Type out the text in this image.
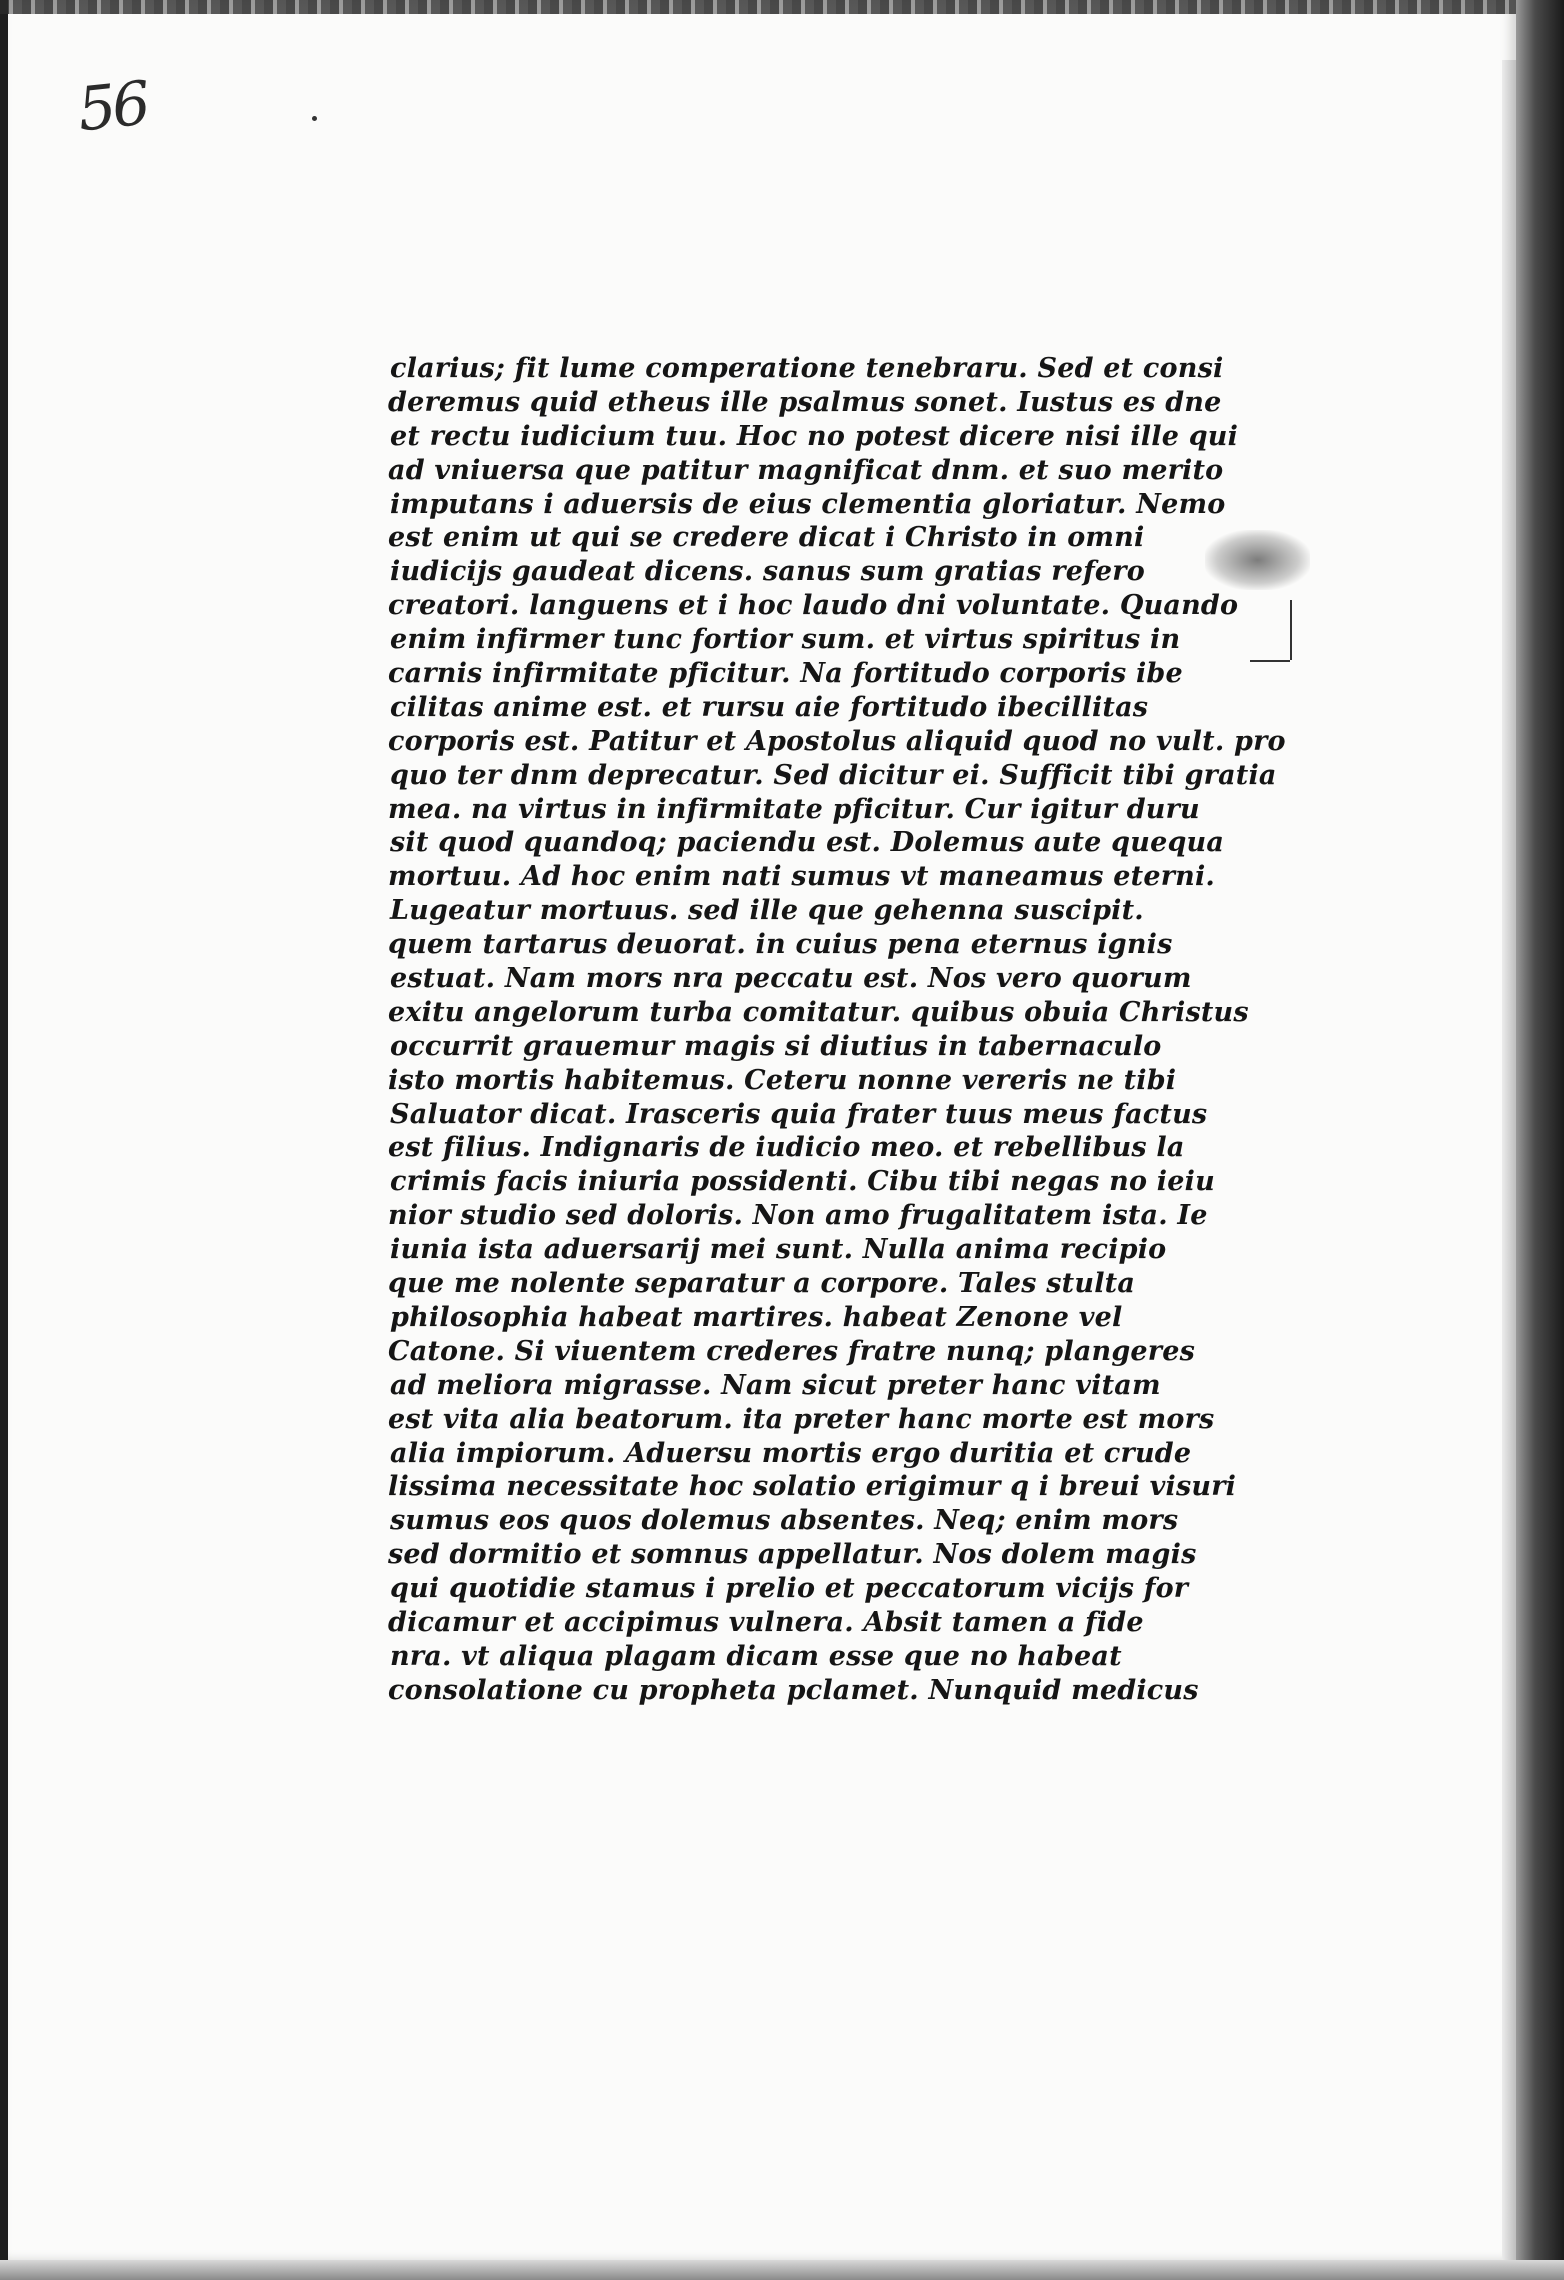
56
clarius; fit lume comperatione tenebraru. Sed et consi
deremus quid etheus ille psalmus sonet. Iustus es dne
et rectu iudicium tuu. Hoc no potest dicere nisi ille qui
ad vniuersa que patitur magnificat dnm. et suo merito
imputans i aduersis de eius clementia gloriatur. Nemo
est enim ut qui se credere dicat i Christo in omni
iudicijs gaudeat dicens. sanus sum gratias refero
creatori. languens et i hoc laudo dni voluntate. Quando
enim infirmer tunc fortior sum. et virtus spiritus in
carnis infirmitate pficitur. Na fortitudo corporis ibe
cilitas anime est. et rursu aie fortitudo ibecillitas
corporis est. Patitur et Apostolus aliquid quod no vult. pro
quo ter dnm deprecatur. Sed dicitur ei. Sufficit tibi gratia
mea. na virtus in infirmitate pficitur. Cur igitur duru
sit quod quandoq; paciendu est. Dolemus aute quequa
mortuu. Ad hoc enim nati sumus vt maneamus eterni.
Lugeatur mortuus. sed ille que gehenna suscipit.
quem tartarus deuorat. in cuius pena eternus ignis
estuat. Nam mors nra peccatu est. Nos vero quorum
exitu angelorum turba comitatur. quibus obuia Christus
occurrit grauemur magis si diutius in tabernaculo
isto mortis habitemus. Ceteru nonne vereris ne tibi
Saluator dicat. Irasceris quia frater tuus meus factus
est filius. Indignaris de iudicio meo. et rebellibus la
crimis facis iniuria possidenti. Cibu tibi negas no ieiu
nior studio sed doloris. Non amo frugalitatem ista. Ie
iunia ista aduersarij mei sunt. Nulla anima recipio
que me nolente separatur a corpore. Tales stulta
philosophia habeat martires. habeat Zenone vel
Catone. Si viuentem crederes fratre nunq; plangeres
ad meliora migrasse. Nam sicut preter hanc vitam
est vita alia beatorum. ita preter hanc morte est mors
alia impiorum. Aduersu mortis ergo duritia et crude
lissima necessitate hoc solatio erigimur q i breui visuri
sumus eos quos dolemus absentes. Neq; enim mors
sed dormitio et somnus appellatur. Nos dolem magis
qui quotidie stamus i prelio et peccatorum vicijs for
dicamur et accipimus vulnera. Absit tamen a fide
nra. vt aliqua plagam dicam esse que no habeat
consolatione cu propheta pclamet. Nunquid medicus
